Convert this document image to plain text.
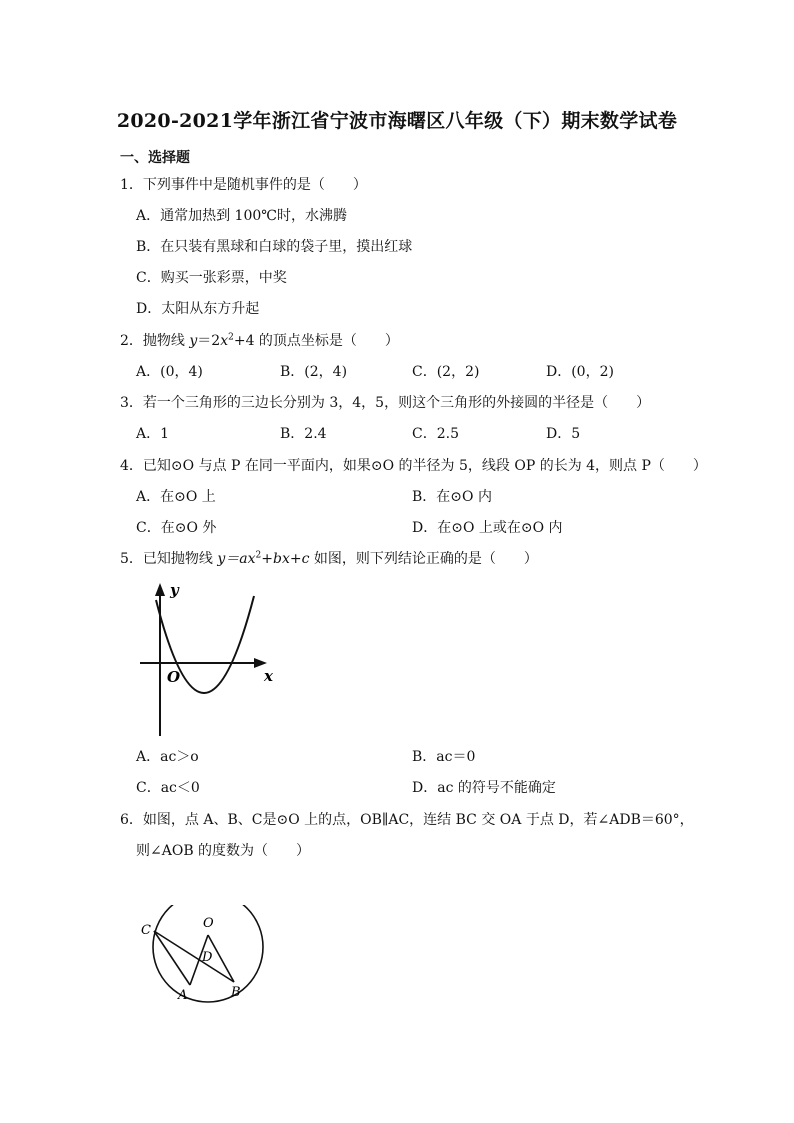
2020-2021学年浙江省宁波市海曙区八年级（下）期末数学试卷
一、选择题
1．下列事件中是随机事件的是（　　）
A．通常加热到 100℃时，水沸腾
B．在只装有黑球和白球的袋子里，摸出红球
C．购买一张彩票，中奖
D．太阳从东方升起
2．抛物线 $y=2x^2+4$ 的顶点坐标是（　　）
A．(0，4)	B．(2，4)	C．(2，2)	D．(0，2)
3．若一个三角形的三边长分别为 3，4，5，则这个三角形的外接圆的半径是（　　）
A．1	B．2.4	C．2.5	D．5
4．已知⊙O 与点 P 在同一平面内，如果⊙O 的半径为 5，线段 OP 的长为 4，则点 P（　　）
A．在⊙O 上	B．在⊙O 内
C．在⊙O 外	D．在⊙O 上或在⊙O 内
5．已知抛物线 $y=ax^2+bx+c$ 如图，则下列结论正确的是（　　）
y
x
O
A．ac＞o	B．ac＝0
C．ac＜0	D．ac 的符号不能确定
6．如图，点 A、B、C是⊙O 上的点，OB∥AC，连结 BC 交 OA 于点 D，若∠ADB＝60°，
则∠AOB 的度数为（　　）
O
C
D
A	B
